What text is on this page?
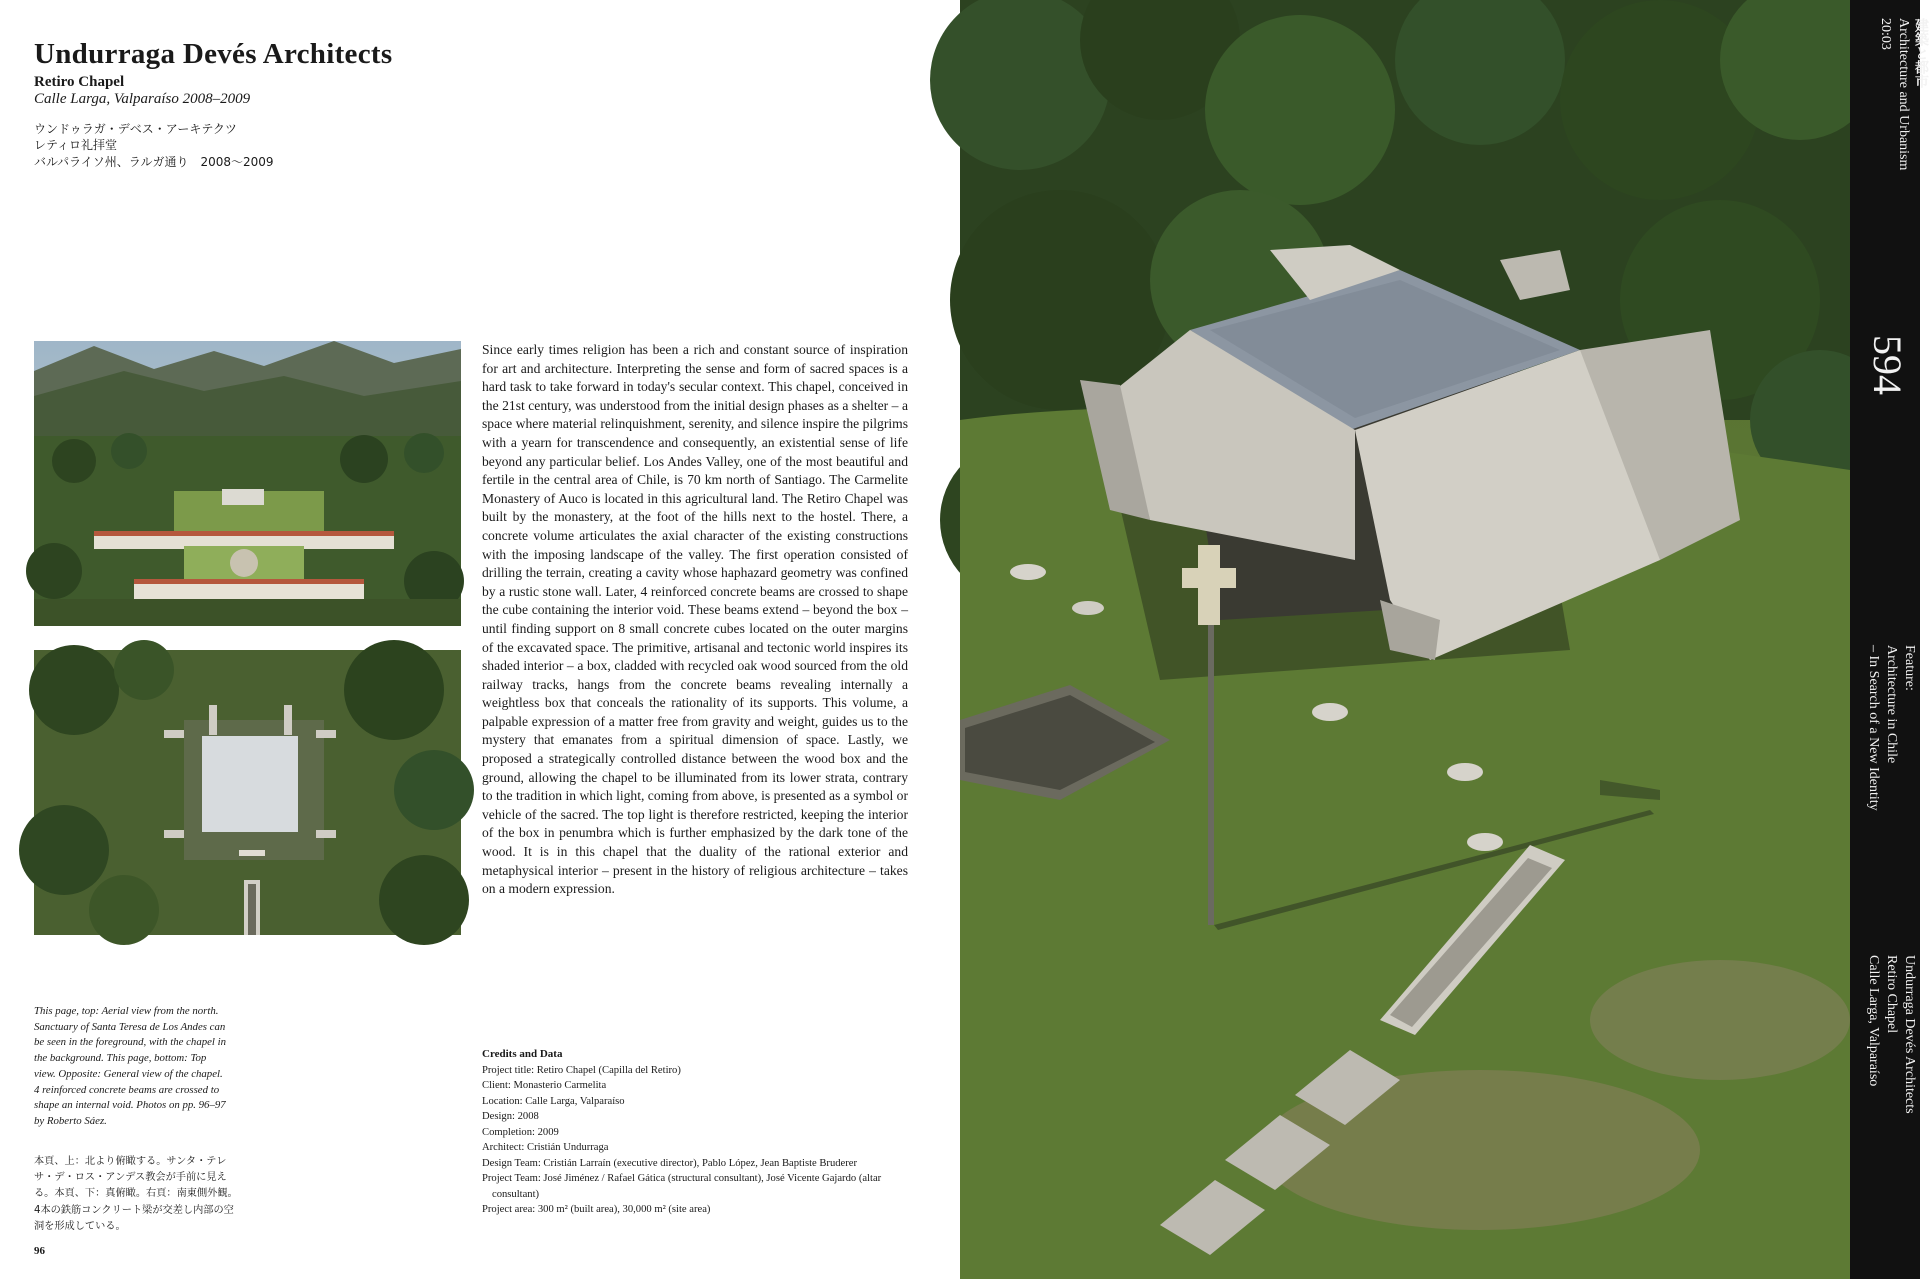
Undurraga Devés Architects
Retiro Chapel
Calle Larga, Valparaíso 2008–2009
ウンドゥラガ・デベス・アーキテクツ
レティロ礼拝堂
バルパライソ州、ラルガ通り　2008〜2009
Since early times religion has been a rich and constant source of inspiration for art and architecture. Interpreting the sense and form of sacred spaces is a hard task to take forward in today's secular context. This chapel, conceived in the 21st century, was understood from the initial design phases as a shelter – a space where material relinquishment, serenity, and silence inspire the pilgrims with a yearn for transcendence and consequently, an existential sense of life beyond any particular belief. Los Andes Valley, one of the most beautiful and fertile in the central area of Chile, is 70 km north of Santiago. The Carmelite Monastery of Auco is located in this agricultural land. The Retiro Chapel was built by the monastery, at the foot of the hills next to the hostel. There, a concrete volume articulates the axial character of the existing constructions with the imposing landscape of the valley. The first operation consisted of drilling the terrain, creating a cavity whose haphazard geometry was confined by a rustic stone wall. Later, 4 reinforced concrete beams are crossed to shape the cube containing the interior void. These beams extend – beyond the box – until finding support on 8 small concrete cubes located on the outer margins of the excavated space. The primitive, artisanal and tectonic world inspires its shaded interior – a box, cladded with recycled oak wood sourced from the old railway tracks, hangs from the concrete beams revealing internally a weightless box that conceals the rationality of its supports. This volume, a palpable expression of a matter free from gravity and weight, guides us to the mystery that emanates from a spiritual dimension of space. Lastly, we proposed a strategically controlled distance between the wood box and the ground, allowing the chapel to be illuminated from its lower strata, contrary to the tradition in which light, coming from above, is presented as a symbol or vehicle of the sacred. The top light is therefore restricted, keeping the interior of the box in penumbra which is further emphasized by the dark tone of the wood. It is in this chapel that the duality of the rational exterior and metaphysical interior – present in the history of religious architecture – takes on a modern expression.
This page, top: Aerial view from the north. Sanctuary of Santa Teresa de Los Andes can be seen in the foreground, with the chapel in the background. This page, bottom: Top view. Opposite: General view of the chapel. 4 reinforced concrete beams are crossed to shape an internal void. Photos on pp. 96–97 by Roberto Sáez.
本頁、上：北より俯瞰する。サンタ・テレサ・デ・ロス・アンデス教会が手前に見える。本頁、下：真俯瞰。右頁：南東側外観。4本の鉄筋コンクリート梁が交差し内部の空洞を形成している。
Credits and Data
Project title: Retiro Chapel (Capilla del Retiro)
Client: Monasterio Carmelita
Location: Calle Larga, Valparaíso
Design: 2008
Completion: 2009
Architect: Cristián Undurraga
Design Team: Cristián Larraín (executive director), Pablo López, Jean Baptiste Bruderer
Project Team: José Jiménez / Rafael Gática (structural consultant), José Vicente Gajardo (altar consultant)
Project area: 300 m² (built area), 30,000 m² (site area)
96
建築と都市
Architecture and Urbanism
20:03
594
Feature:
Architecture in Chile
– In Search of a New Identity
Undurraga Devés Architects
Retiro Chapel
Calle Larga, Valparaíso
